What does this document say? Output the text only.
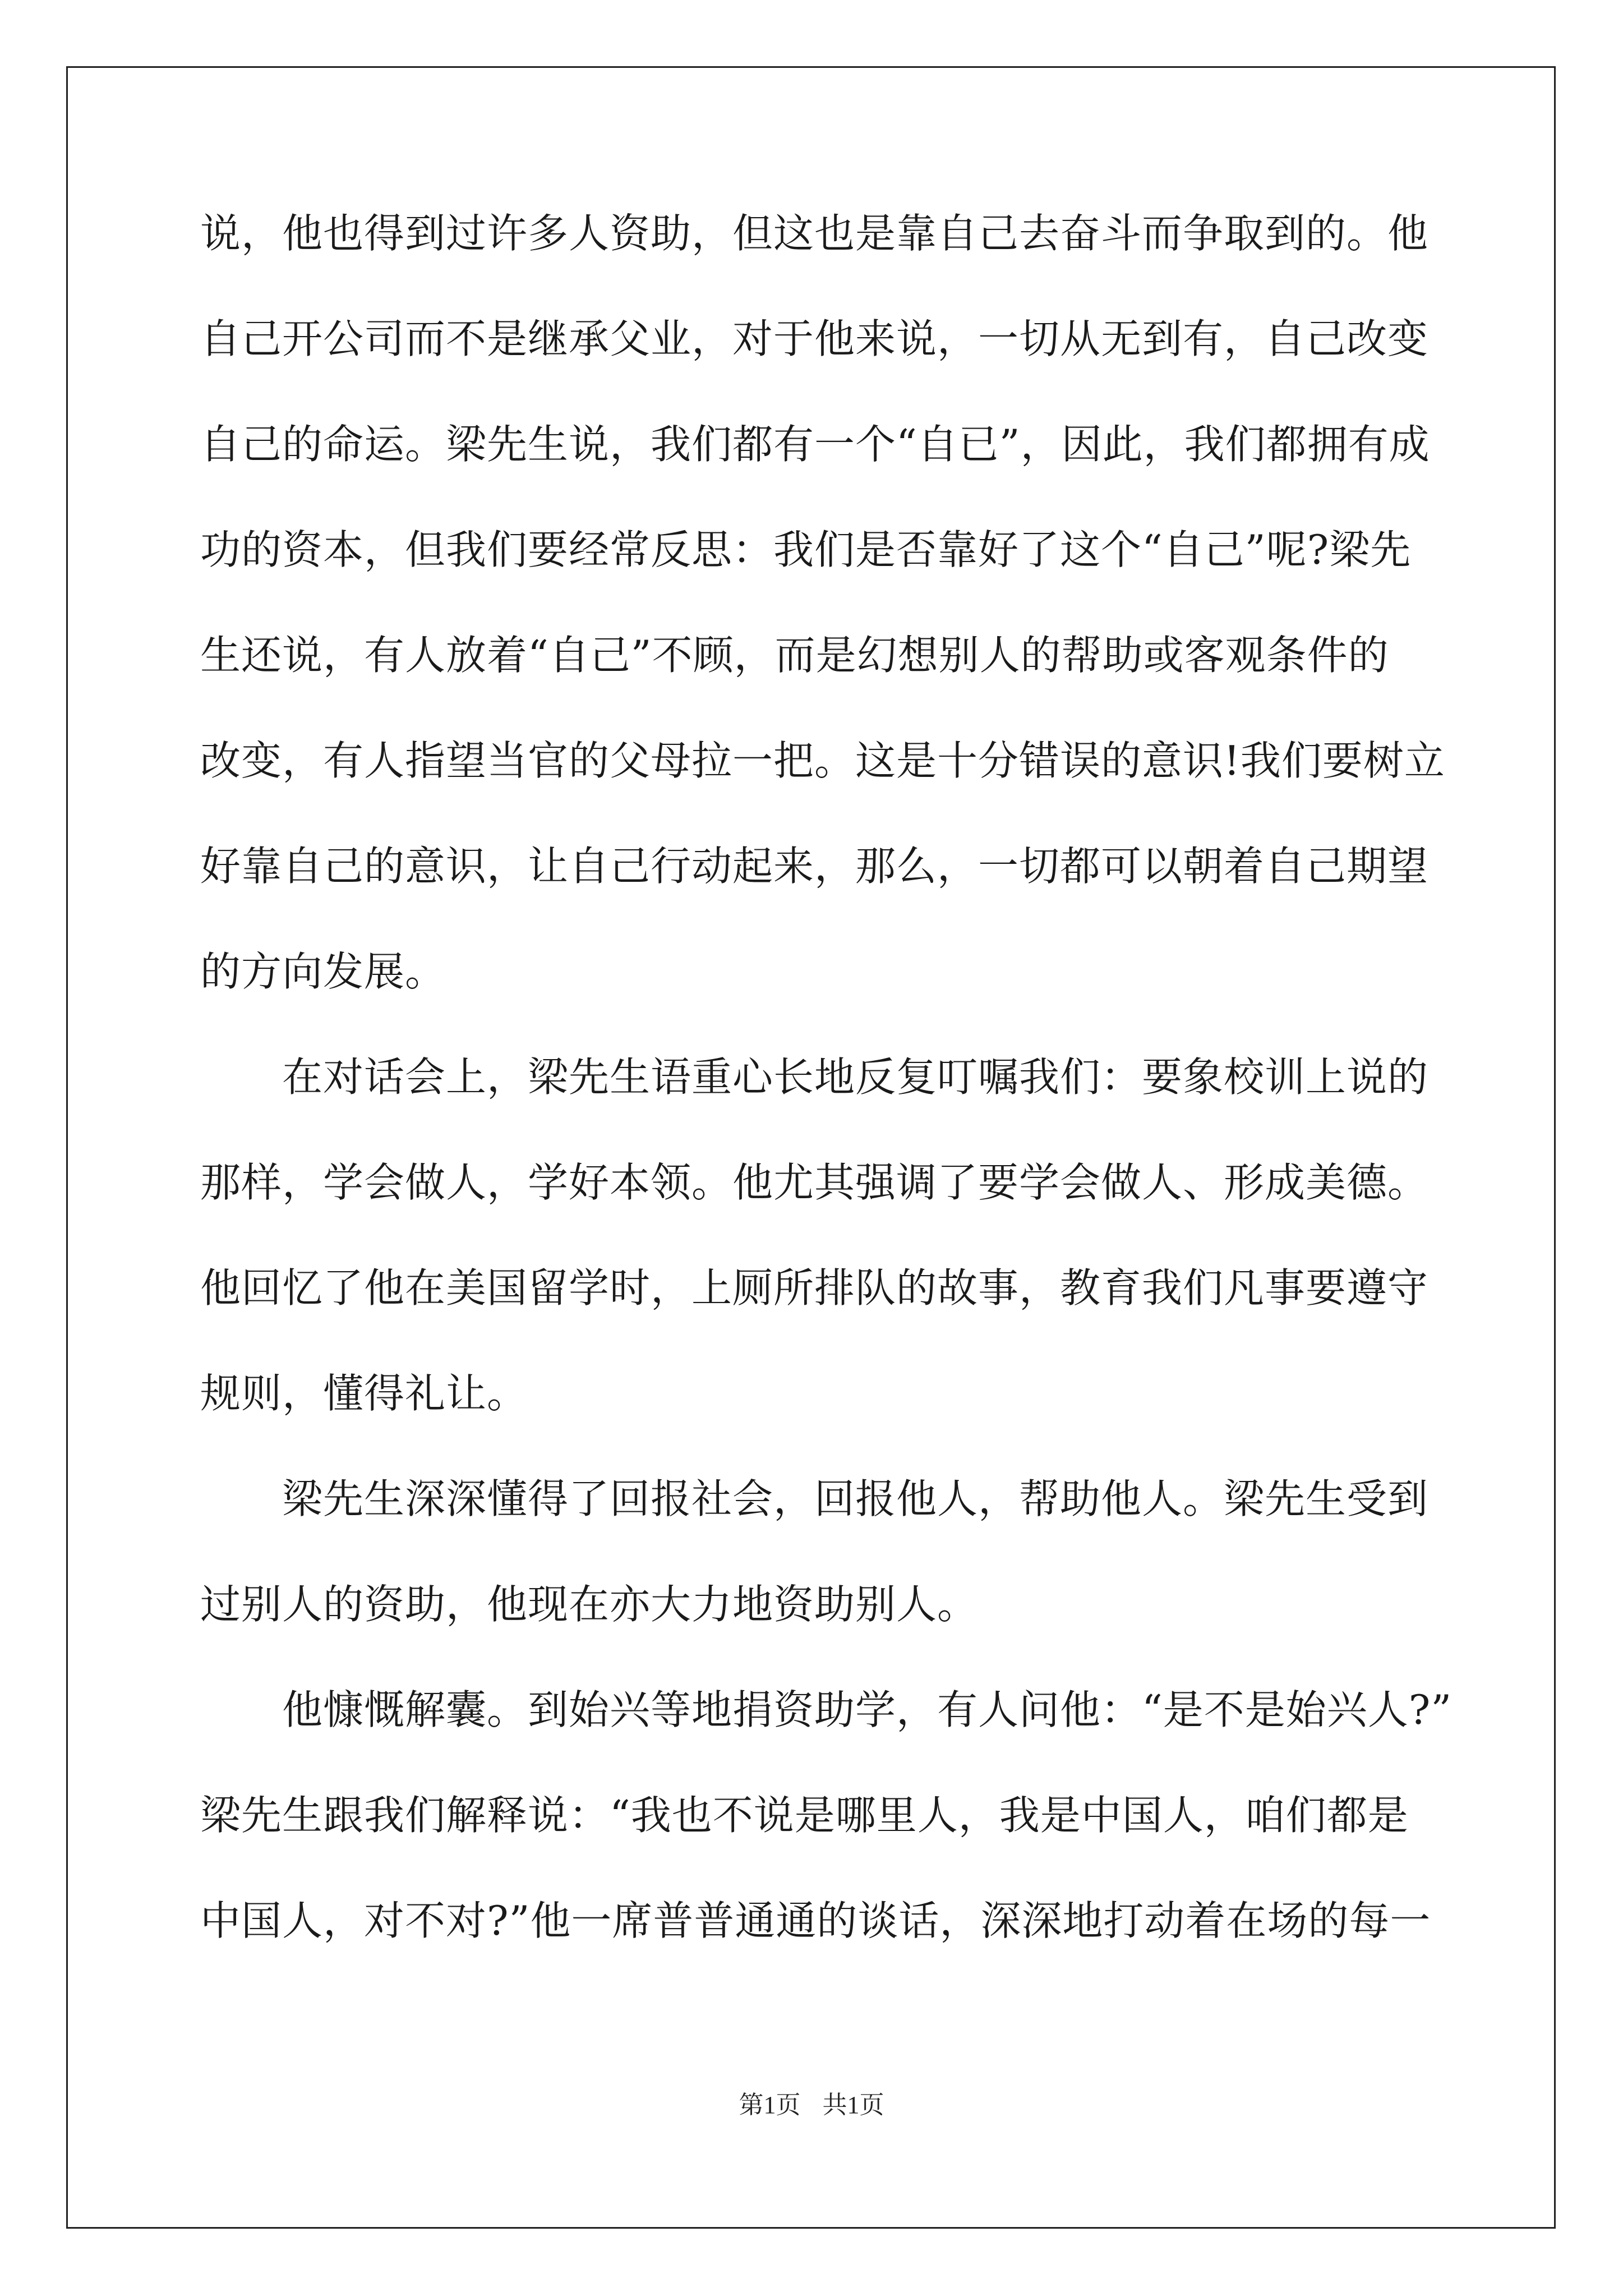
说，他也得到过许多人资助，但这也是靠自己去奋斗而争取到的。他
自己开公司而不是继承父业，对于他来说，一切从无到有，自己改变
自己的命运。梁先生说，我们都有一个“自已”，因此，我们都拥有成
功的资本，但我们要经常反思：我们是否靠好了这个“自己”呢?梁先
生还说，有人放着“自己”不顾，而是幻想别人的帮助或客观条件的
改变，有人指望当官的父母拉一把。这是十分错误的意识!我们要树立
好靠自己的意识，让自己行动起来，那么，一切都可以朝着自己期望
的方向发展。
　　在对话会上，梁先生语重心长地反复叮嘱我们：要象校训上说的
那样，学会做人，学好本领。他尤其强调了要学会做人、形成美德。
他回忆了他在美国留学时，上厕所排队的故事，教育我们凡事要遵守
规则，懂得礼让。
　　梁先生深深懂得了回报社会，回报他人，帮助他人。梁先生受到
过别人的资助，他现在亦大力地资助别人。
　　他慷慨解囊。到始兴等地捐资助学，有人问他：“是不是始兴人?”
梁先生跟我们解释说：“我也不说是哪里人，我是中国人，咱们都是
中国人，对不对?”他一席普普通通的谈话，深深地打动着在场的每一
第1页 共1页
